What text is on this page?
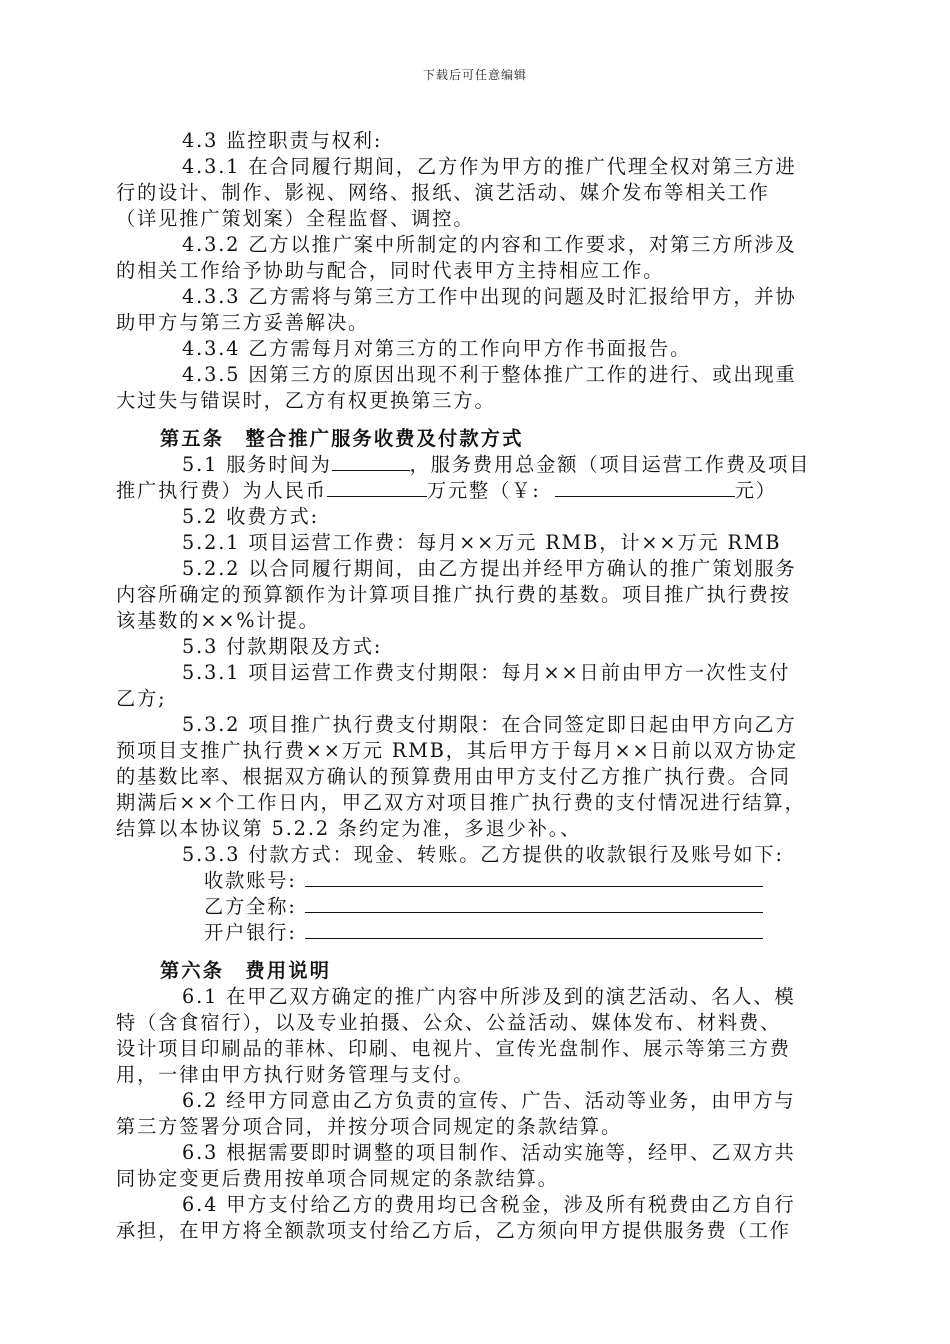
下载后可任意编辑
4.3 监控职责与权利:
4.3.1 在合同履行期间，乙方作为甲方的推广代理全权对第三方进
行的设计、制作、影视、网络、报纸、演艺活动、媒介发布等相关工作
（详见推广策划案）全程监督、调控。
4.3.2 乙方以推广案中所制定的内容和工作要求，对第三方所涉及
的相关工作给予协助与配合，同时代表甲方主持相应工作。
4.3.3 乙方需将与第三方工作中出现的问题及时汇报给甲方，并协
助甲方与第三方妥善解决。
4.3.4 乙方需每月对第三方的工作向甲方作书面报告。
4.3.5 因第三方的原因出现不利于整体推广工作的进行、或出现重
大过失与错误时，乙方有权更换第三方。
第五条　整合推广服务收费及付款方式
5.1 服务时间为	，服务费用总金额（项目运营工作费及项目
推广执行费）为人民币	万元整（￥:	元）
5.2 收费方式:
5.2.1 项目运营工作费：每月××万元 RMB，计××万元 RMB
5.2.2 以合同履行期间，由乙方提出并经甲方确认的推广策划服务
内容所确定的预算额作为计算项目推广执行费的基数。项目推广执行费按
该基数的××%计提。
5.3 付款期限及方式:
5.3.1 项目运营工作费支付期限：每月××日前由甲方一次性支付
乙方;
5.3.2 项目推广执行费支付期限：在合同签定即日起由甲方向乙方
预项目支推广执行费××万元 RMB，其后甲方于每月××日前以双方协定
的基数比率、根据双方确认的预算费用由甲方支付乙方推广执行费。合同
期满后××个工作日内，甲乙双方对项目推广执行费的支付情况进行结算，
结算以本协议第 5.2.2 条约定为准，多退少补。、
5.3.3 付款方式：现金、转账。乙方提供的收款银行及账号如下:
收款账号:
乙方全称:
开户银行:
第六条　费用说明
6.1 在甲乙双方确定的推广内容中所涉及到的演艺活动、名人、模
特（含食宿行），以及专业拍摄、公众、公益活动、媒体发布、材料费、
设计项目印刷品的菲林、印刷、电视片、宣传光盘制作、展示等第三方费
用，一律由甲方执行财务管理与支付。
6.2 经甲方同意由乙方负责的宣传、广告、活动等业务，由甲方与
第三方签署分项合同，并按分项合同规定的条款结算。
6.3 根据需要即时调整的项目制作、活动实施等，经甲、乙双方共
同协定变更后费用按单项合同规定的条款结算。
6.4 甲方支付给乙方的费用均已含税金，涉及所有税费由乙方自行
承担，在甲方将全额款项支付给乙方后，乙方须向甲方提供服务费（工作
